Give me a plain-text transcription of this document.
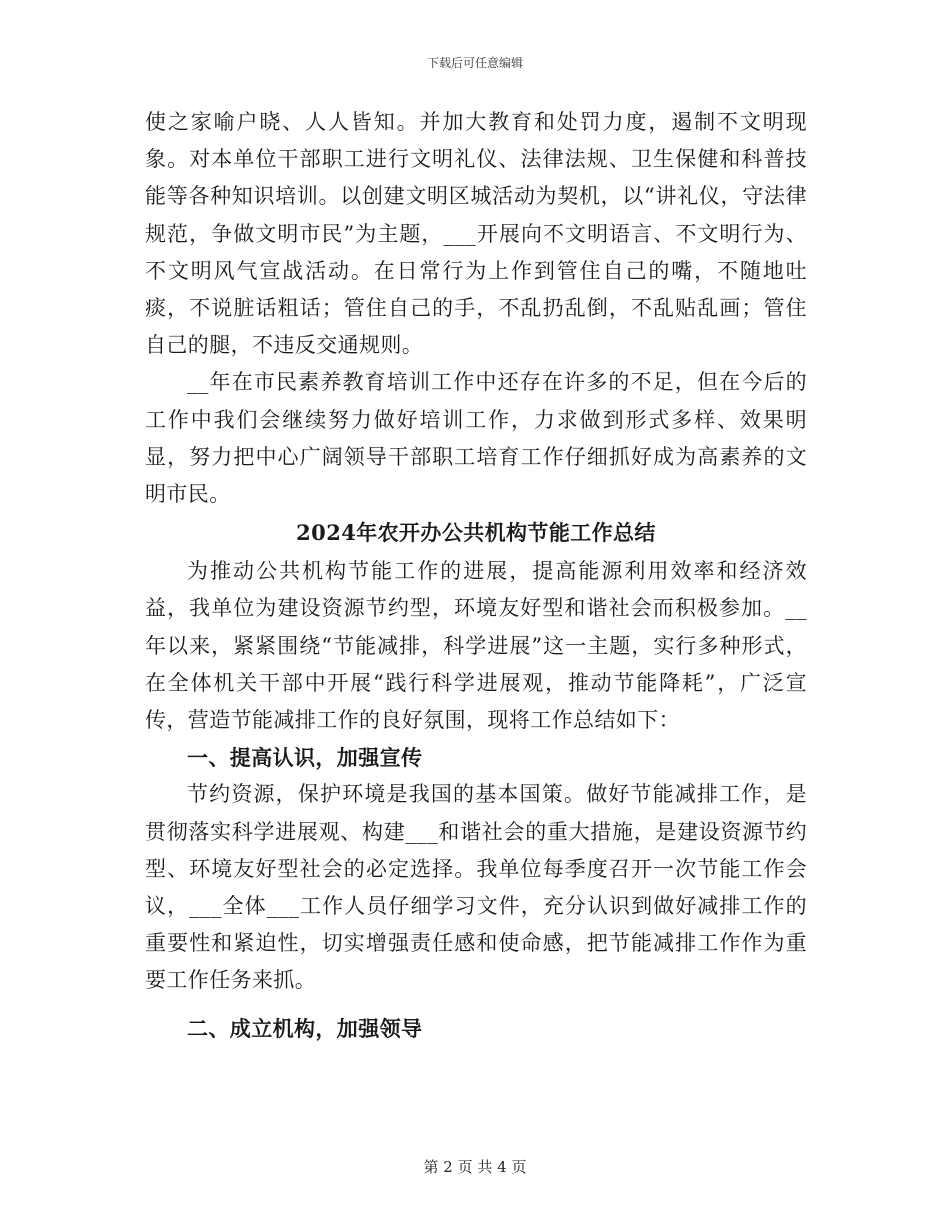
下载后可任意编辑

使之家喻户晓、人人皆知。并加大教育和处罚力度，遏制不文明现象。对本单位干部职工进行文明礼仪、法律法规、卫生保健和科普技能等各种知识培训。以创建文明区城活动为契机，以“讲礼仪，守法律规范，争做文明市民”为主题，___开展向不文明语言、不文明行为、不文明风气宣战活动。在日常行为上作到管住自己的嘴，不随地吐痰，不说脏话粗话；管住自己的手，不乱扔乱倒，不乱贴乱画；管住自己的腿，不违反交通规则。

__年在市民素养教育培训工作中还存在许多的不足，但在今后的工作中我们会继续努力做好培训工作，力求做到形式多样、效果明显，努力把中心广阔领导干部职工培育工作仔细抓好成为高素养的文明市民。

2024年农开办公共机构节能工作总结

为推动公共机构节能工作的进展，提高能源利用效率和经济效益，我单位为建设资源节约型，环境友好型和谐社会而积极参加。__年以来，紧紧围绕“节能减排，科学进展”这一主题，实行多种形式，在全体机关干部中开展“践行科学进展观，推动节能降耗”，广泛宣传，营造节能减排工作的良好氛围，现将工作总结如下：

一、提高认识，加强宣传

节约资源，保护环境是我国的基本国策。做好节能减排工作，是贯彻落实科学进展观、构建___和谐社会的重大措施，是建设资源节约型、环境友好型社会的必定选择。我单位每季度召开一次节能工作会议，___全体___工作人员仔细学习文件，充分认识到做好减排工作的重要性和紧迫性，切实增强责任感和使命感，把节能减排工作作为重要工作任务来抓。

二、成立机构，加强领导
第 2 页 共 4 页
